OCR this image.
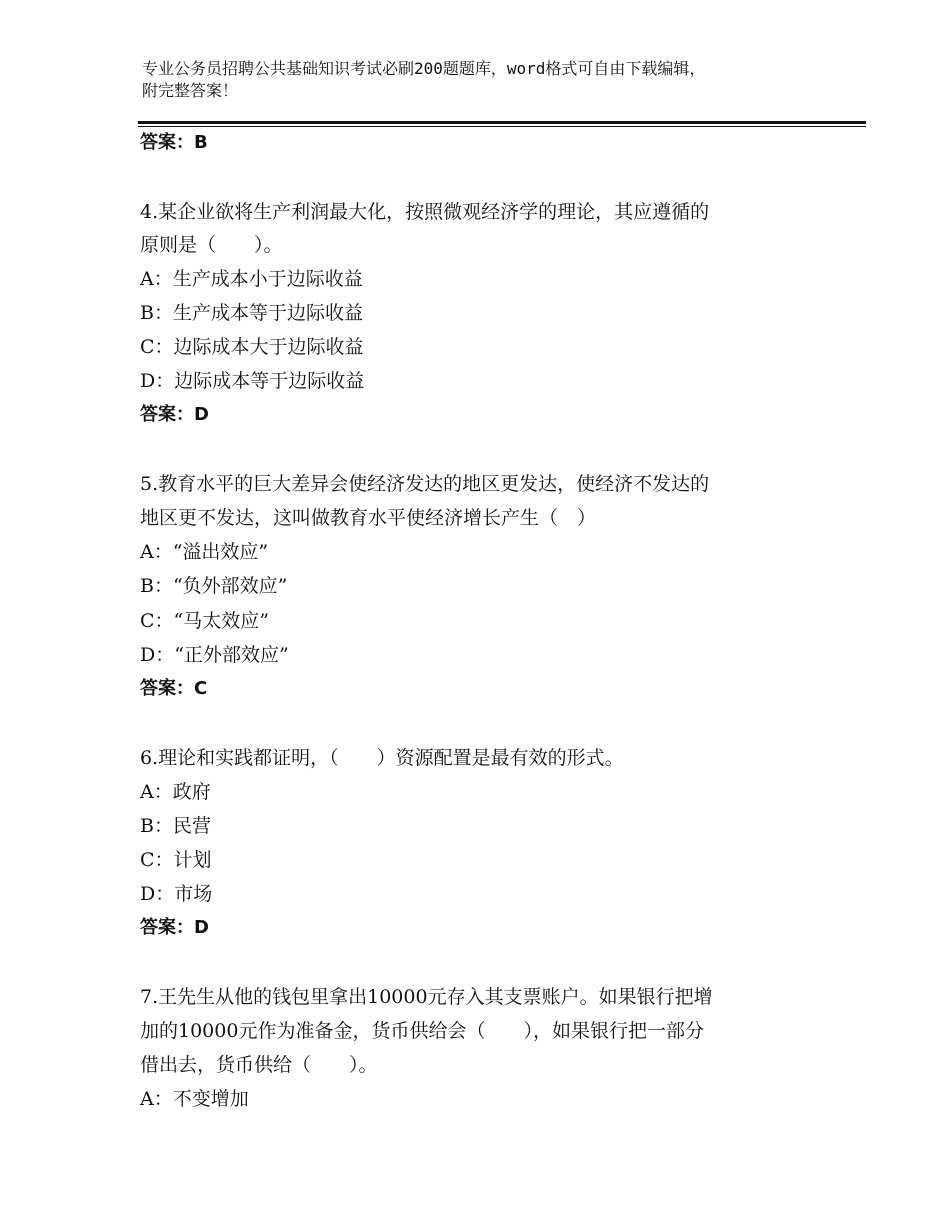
专业公务员招聘公共基础知识考试必刷200题题库，word格式可自由下载编辑，
附完整答案！
答案：B
4.某企业欲将生产利润最大化，按照微观经济学的理论，其应遵循的
原则是（　　）。
A：生产成本小于边际收益
B：生产成本等于边际收益
C：边际成本大于边际收益
D：边际成本等于边际收益
答案：D
5.教育水平的巨大差异会使经济发达的地区更发达，使经济不发达的
地区更不发达，这叫做教育水平使经济增长产生（　）
A：“溢出效应”
B：“负外部效应”
C：“马太效应”
D：“正外部效应”
答案：C
6.理论和实践都证明，（　　）资源配置是最有效的形式。
A：政府
B：民营
C：计划
D：市场
答案：D
7.王先生从他的钱包里拿出10000元存入其支票账户。如果银行把增
加的10000元作为准备金，货币供给会（　　），如果银行把一部分
借出去，货币供给（　　）。
A：不变增加
